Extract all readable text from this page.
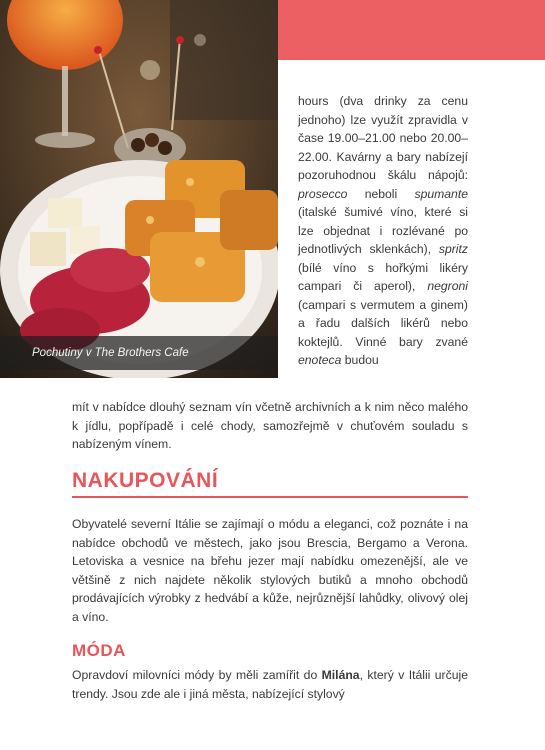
Pochutiny v The Brothers Cafe

hours (dva drinky za cenu jednoho) lze využít zpravidla v čase 19.00–21.00 nebo 20.00–22.00. Kavárny a bary nabízejí pozoruhodnou škálu nápojů: prosecco neboli spumante (italské šumivé víno, které si lze objednat i rozlévané po jednotlivých sklenkách), spritz (bílé víno s hořkými likéry campari či aperol), negroni (campari s vermutem a ginem) a řadu dalších likérů nebo koktejlů. Vinné bary zvané enoteca budou

mít v nabídce dlouhý seznam vín včetně archivních a k nim něco malého k jídlu, popřípadě i celé chody, samozřejmě v chuťovém souladu s nabízeným vínem.

NAKUPOVÁNÍ

Obyvatelé severní Itálie se zajímají o módu a eleganci, což poznáte i na nabídce obchodů ve městech, jako jsou Brescia, Bergamo a Verona. Letoviska a vesnice na břehu jezer mají nabídku omezenější, ale ve většině z nich najdete několik stylových butiků a mnoho obchodů prodávajících výrobky z hedvábí a kůže, nejrůznější lahůdky, olivový olej a víno.

MÓDA

Opravdoví milovníci módy by měli zamířit do Milána, který v Itálii určuje trendy. Jsou zde ale i jiná města, nabízející stylový
